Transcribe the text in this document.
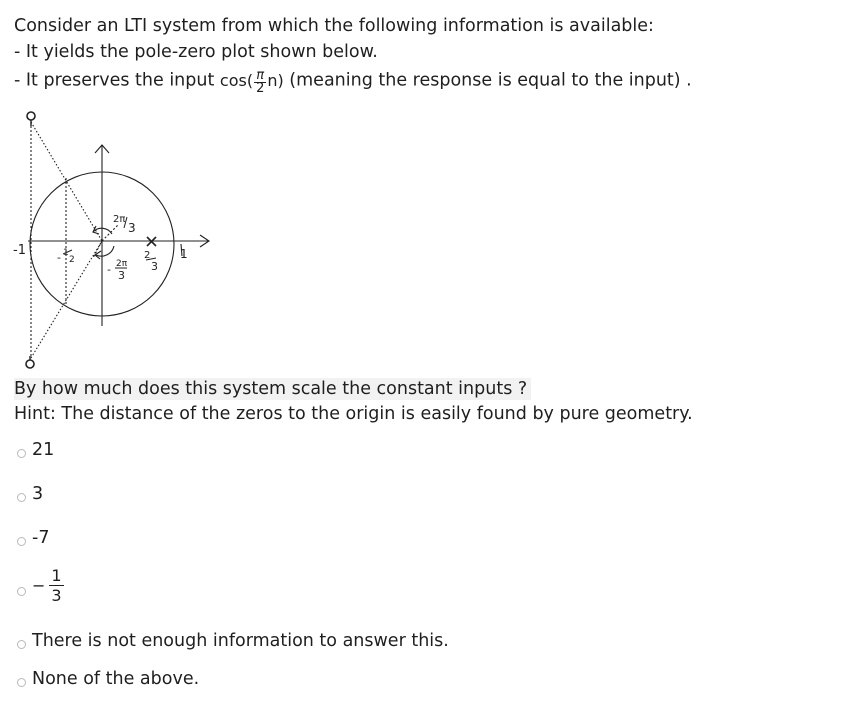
Consider an LTI system from which the following information is available:
- It yields the pole-zero plot shown below.
- It preserves the input $\cos( \frac{\pi}{2} n)$ (meaning the response is equal to the input) .
-1	- 1
2
2π
3
- 2π
3
2
3
1
By how much does this system scale the constant inputs ?
Hint: The distance of the zeros to the origin is easily found by pure geometry.
21
3
-7
− $\frac{1}{3}$
There is not enough information to answer this.
None of the above.
